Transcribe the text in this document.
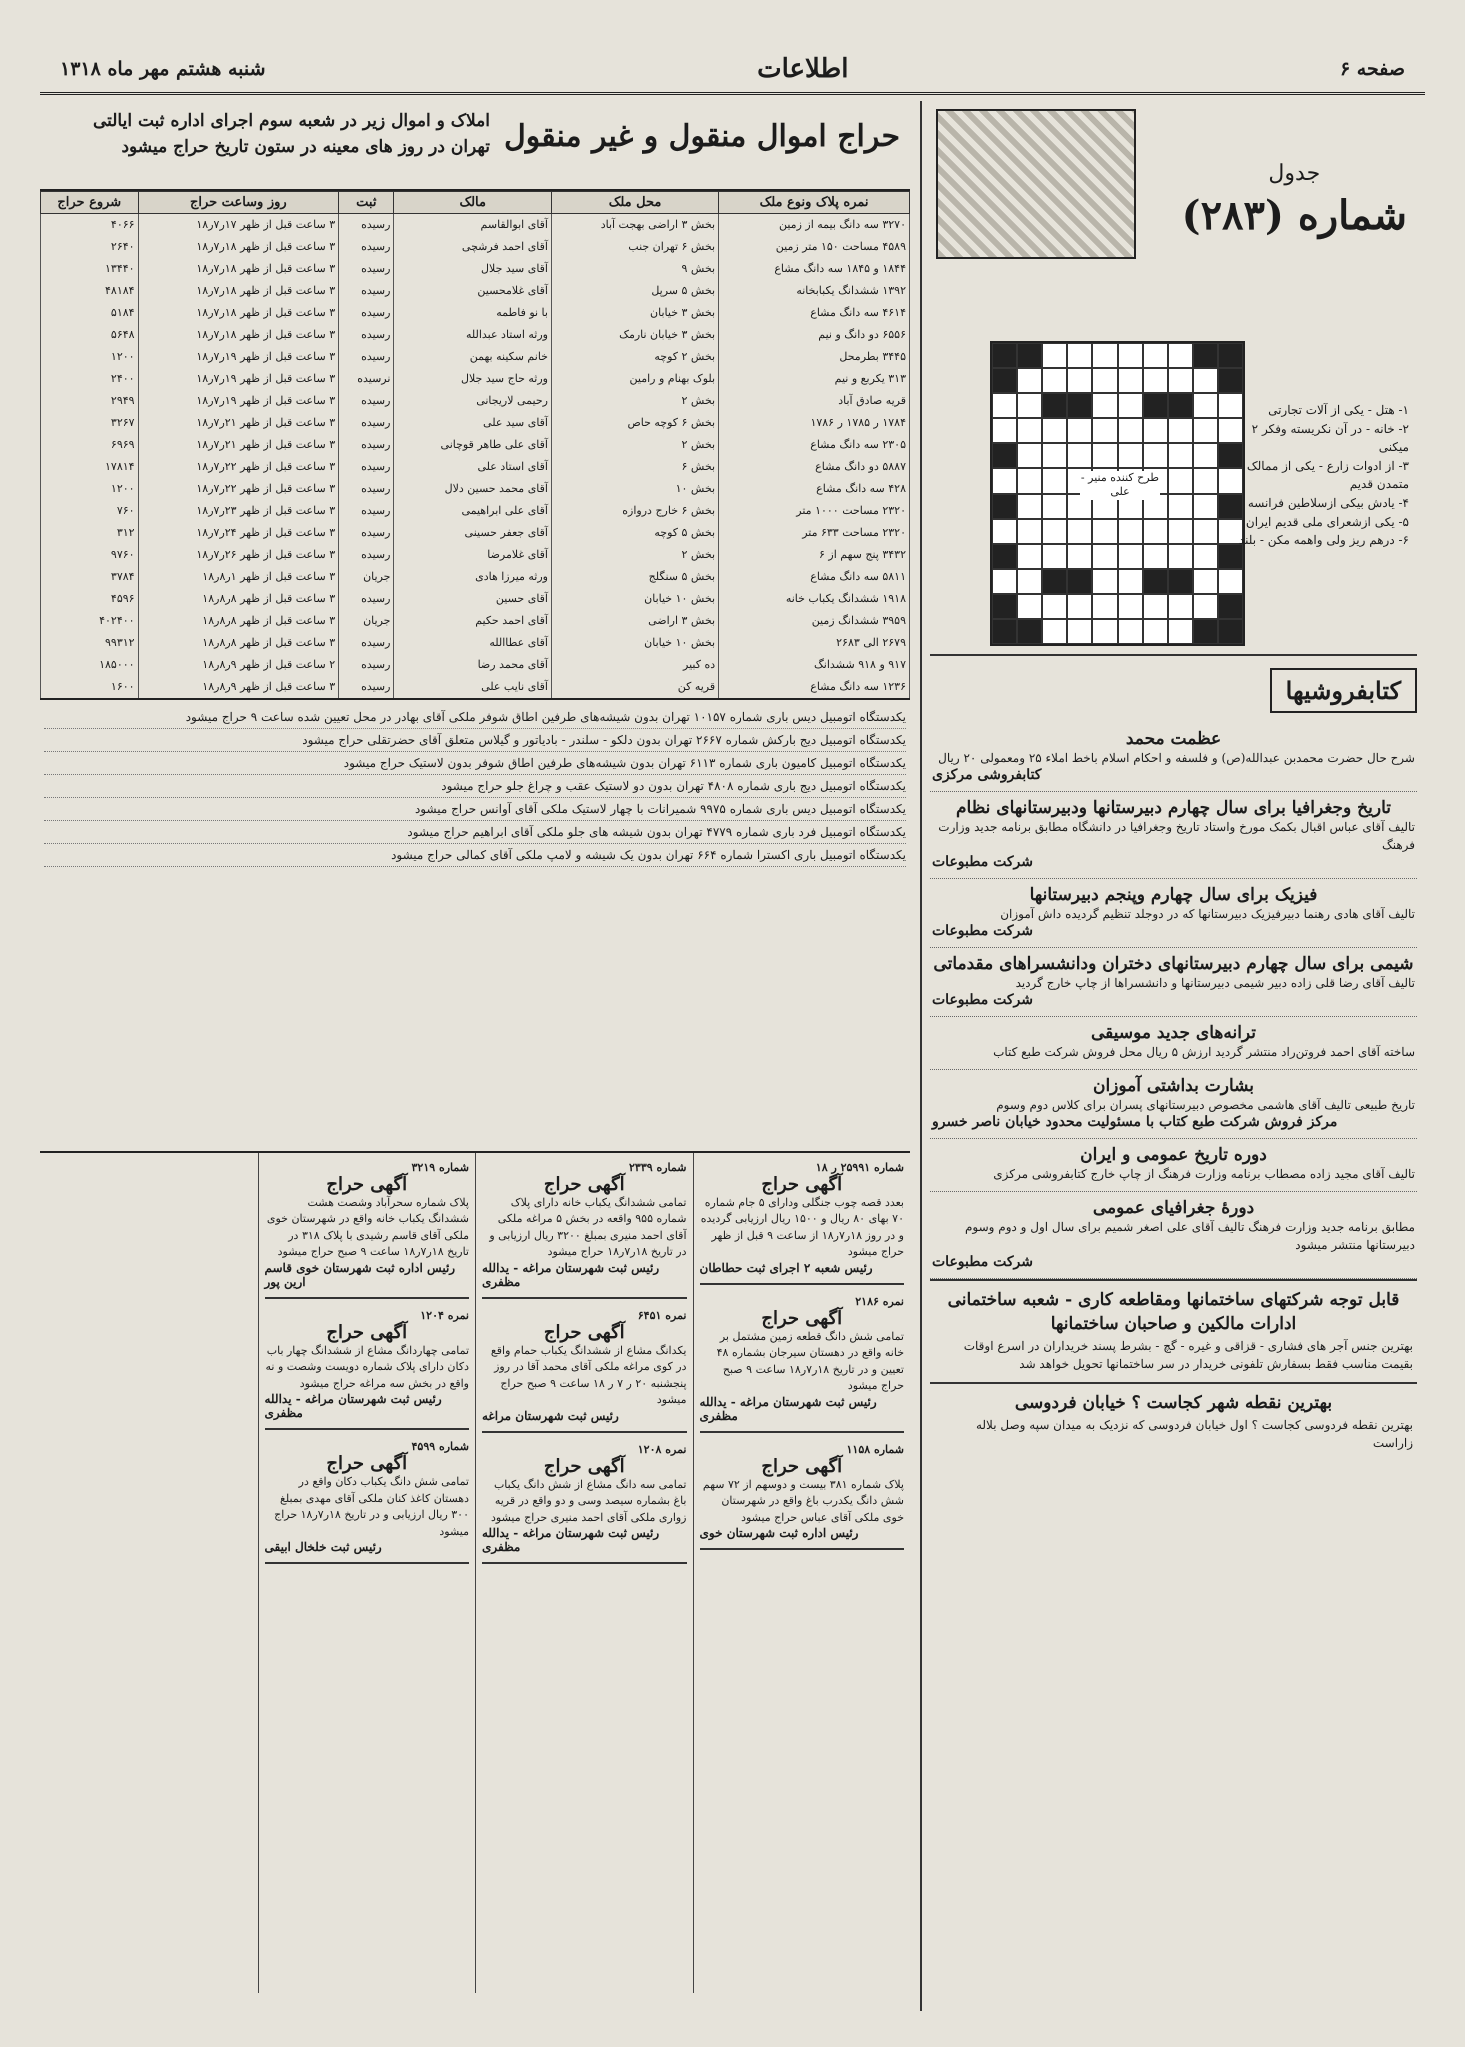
صفحه ۶
اطلاعات
شنبه هشتم مهر ماه ۱۳۱۸
جدول
شماره (۲۸۳)
طرح کننده منیر - علی
۱- هتل - یکی از آلات تجارتی
۲- خانه - در آن نکریسته وفکر ۲ میکنی
۳- از ادوات زارع - یکی از ممالک متمدن قدیم
۴- یادش بیکی ازسلاطین فرانسه
۵- یکی ازشعرای ملی قدیم ایران
۶- درهم ریز ولی واهمه مکن - بلند
کتابفروشیها
عظمت محمد

شرح حال حضرت محمدبن عبدالله(ص) و فلسفه و احکام اسلام باخط املاء ۲۵ ومعمولی ۲۰ ریال

کتابفروشی مرکزی
تاریخ وجغرافیا برای سال چهارم دبیرستانها ودبیرستانهای نظام

تالیف آقای عباس اقبال بکمک مورخ واستاد تاریخ وجغرافیا در دانشگاه مطابق برنامه جدید وزارت فرهنگ

شرکت مطبوعات
فیزیک برای سال چهارم وپنجم دبیرستانها

تالیف آقای هادی رهنما دبیرفیزیک دبیرستانها که در دوجلد تنظیم گردیده داش آموزان

شرکت مطبوعات
شیمی برای سال چهارم دبیرستانهای دختران ودانشسراهای مقدماتی

تالیف آقای رضا قلی زاده دبیر شیمی دبیرستانها و دانشسراها از چاپ خارج گردید

شرکت مطبوعات
ترانه‌های جدید موسیقی

ساخته آقای احمد فروتن‌راد منتشر گردید ارزش ۵ ریال محل فروش شرکت طبع کتاب

بشارت بداشتی آموزان

تاریخ طبیعی تالیف آقای هاشمی مخصوص دبیرستانهای پسران برای کلاس دوم وسوم

مرکز فروش شرکت طبع کتاب با مسئولیت محدود خیابان ناصر خسرو
دوره تاریخ عمومی و ایران

تالیف آقای مجید زاده مصطاب برنامه وزارت فرهنگ از چاپ خارج کتابفروشی مرکزی

دورهٔ جغرافیای عمومی

مطابق برنامه جدید وزارت فرهنگ تالیف آقای علی اصغر شمیم برای سال اول و دوم وسوم دبیرستانها منتشر میشود

شرکت مطبوعات
قابل توجه شرکتهای ساختمانها ومقاطعه کاری - شعبه ساختمانی ادارات مالکین و صاحبان ساختمانها

بهترین جنس آجر های فشاری - قزاقی و غیره - گچ - بشرط پسند خریداران در اسرع اوقات بقیمت مناسب فقط بسفارش تلفونی خریدار در سر ساختمانها تحویل خواهد شد

بهترین نقطه شهر کجاست ؟ خیابان فردوسی

بهترین نقطه فردوسی کجاست ؟ اول خیابان فردوسی که نزدیک به میدان سپه وصل بلاله زاراست

حراج اموال منقول و غیر منقول
املاک و اموال زیر در شعبه سوم اجرای اداره ثبت ایالتی تهران در روز های معینه در ستون تاریخ حراج میشود
نمره پلاک ونوع ملک	محل ملک	مالک	ثبت	روز وساعت حراج	شروع حراج
۳۲۷۰ سه دانگ بیمه از زمین	بخش ۳ اراضی بهجت آباد	آقای ابوالقاسم	رسیده	۳ ساعت قبل از ظهر ۱۷ر۷ر۱۸	۴۰۶۶
۴۵۸۹ مساحت ۱۵۰ متر زمین	بخش ۶ تهران جنب	آقای احمد فرشچی	رسیده	۳ ساعت قبل از ظهر ۱۸ر۷ر۱۸	۲۶۴۰
۱۸۴۴ و ۱۸۴۵ سه دانگ مشاع	بخش ۹	آقای سید جلال	رسیده	۳ ساعت قبل از ظهر ۱۸ر۷ر۱۸	۱۳۴۴۰
۱۳۹۲ ششدانگ یکبابخانه	بخش ۵ سرپل	آقای غلامحسین	رسیده	۳ ساعت قبل از ظهر ۱۸ر۷ر۱۸	۴۸۱۸۴
۴۶۱۴ سه دانگ مشاع	بخش ۳ خیابان	با نو فاطمه	رسیده	۳ ساعت قبل از ظهر ۱۸ر۷ر۱۸	۵۱۸۴
۶۵۵۶ دو دانگ و نیم	بخش ۳ خیابان نارمک	ورثه استاد عبدالله	رسیده	۳ ساعت قبل از ظهر ۱۸ر۷ر۱۸	۵۶۴۸
۳۴۴۵ بطرمحل	بخش ۲ کوچه	خانم سکینه بهمن	رسیده	۳ ساعت قبل از ظهر ۱۹ر۷ر۱۸	۱۲۰۰
۳۱۳ یکربع و نیم	بلوک بهنام و رامین	ورثه حاج سید جلال	نرسیده	۳ ساعت قبل از ظهر ۱۹ر۷ر۱۸	۲۴۰۰
قریه صادق آباد	بخش ۲	رحیمی لاریجانی	رسیده	۳ ساعت قبل از ظهر ۱۹ر۷ر۱۸	۲۹۴۹
۱۷۸۴ ر ۱۷۸۵ ر ۱۷۸۶	بخش ۶ کوچه حاص	آقای سید علی	رسیده	۳ ساعت قبل از ظهر ۲۱ر۷ر۱۸	۳۲۶۷
۲۳۰۵ سه دانگ مشاع	بخش ۲	آقای علی طاهر قوچانی	رسیده	۳ ساعت قبل از ظهر ۲۱ر۷ر۱۸	۶۹۶۹
۵۸۸۷ دو دانگ مشاع	بخش ۶	آقای استاد علی	رسیده	۳ ساعت قبل از ظهر ۲۲ر۷ر۱۸	۱۷۸۱۴
۴۲۸ سه دانگ مشاع	بخش ۱۰	آقای محمد حسین دلال	رسیده	۳ ساعت قبل از ظهر ۲۲ر۷ر۱۸	۱۲۰۰
۲۳۲۰ مساحت ۱۰۰۰ متر	بخش ۶ خارج دروازه	آقای علی ابراهیمی	رسیده	۳ ساعت قبل از ظهر ۲۳ر۷ر۱۸	۷۶۰
۲۳۲۰ مساحت ۶۳۳ متر	بخش ۵ کوچه	آقای جعفر حسینی	رسیده	۳ ساعت قبل از ظهر ۲۴ر۷ر۱۸	۳۱۲
۳۴۳۲ پنج سهم از ۶	بخش ۲	آقای غلامرضا	رسیده	۳ ساعت قبل از ظهر ۲۶ر۷ر۱۸	۹۷۶۰
۵۸۱۱ سه دانگ مشاع	بخش ۵ سنگلج	ورثه میرزا هادی	جریان	۳ ساعت قبل از ظهر ۱ر۸ر۱۸	۳۷۸۴
۱۹۱۸ ششدانگ یکباب خانه	بخش ۱۰ خیابان	آقای حسین	رسیده	۳ ساعت قبل از ظهر ۸ر۸ر۱۸	۴۵۹۶
۳۹۵۹ ششدانگ زمین	بخش ۳ اراضی	آقای احمد حکیم	جریان	۳ ساعت قبل از ظهر ۸ر۸ر۱۸	۴۰۲۴۰۰
۲۶۷۹ الی ۲۶۸۳	بخش ۱۰ خیابان	آقای عطاالله	رسیده	۳ ساعت قبل از ظهر ۸ر۸ر۱۸	۹۹۳۱۲
۹۱۷ و ۹۱۸ ششدانگ	ده کبیر	آقای محمد رضا	رسیده	۲ ساعت قبل از ظهر ۹ر۸ر۱۸	۱۸۵۰۰۰
۱۲۳۶ سه دانگ مشاع	قریه کن	آقای نایب علی	رسیده	۳ ساعت قبل از ظهر ۹ر۸ر۱۸	۱۶۰۰

یکدستگاه اتومبیل دیس باری شماره ۱۰۱۵۷ تهران بدون شیشه‌های طرفین اطاق شوفر ملکی آقای بهادر در محل تعیین شده ساعت ۹ حراج میشود

یکدستگاه اتومبیل دیج بارکش شماره ۲۶۶۷ تهران بدون دلکو - سلندر - بادیاتور و گیلاس متعلق آقای حضرتقلی حراج میشود

یکدستگاه اتومبیل کامیون باری شماره ۶۱۱۳ تهران بدون شیشه‌های طرفین اطاق شوفر بدون لاستیک حراج میشود

یکدستگاه اتومبیل دیج باری شماره ۴۸۰۸ تهران بدون دو لاستیک عقب و چراغ جلو حراج میشود

یکدستگاه اتومبیل دیس باری شماره ۹۹۷۵ شمیرانات با چهار لاستیک ملکی آقای آوانس حراج میشود

یکدستگاه اتومبیل فرد باری شماره ۴۷۷۹ تهران بدون شیشه های جلو ملکی آقای ابراهیم حراج میشود

یکدستگاه اتومبیل باری اکسترا شماره ۶۶۴ تهران بدون یک شیشه و لامپ ملکی آقای کمالی حراج میشود

شماره ۲۵۹۹۱ ر ۱۸
آگهی حراج

بعدد قصه چوب جنگلی ودارای ۵ جام شماره ۷۰ بهای ۸۰ ریال و ۱۵۰۰ ریال ارزیابی گردیده و در روز ۱۸ر۷ر۱۸ از ساعت ۹ قبل از ظهر حراج میشود

رئیس شعبه ۲ اجرای ثبت حطاطان
نمره ۲۱۸۶
آگهی حراج

تمامی شش دانگ قطعه زمین مشتمل بر خانه واقع در دهستان سیرجان بشماره ۴۸ تعیین و در تاریخ ۱۸ر۷ر۱۸ ساعت ۹ صبح حراج میشود

رئیس ثبت شهرستان مراغه - یدالله مظفری
شماره ۱۱۵۸
آگهی حراج

پلاک شماره ۳۸۱ بیست و دوسهم از ۷۲ سهم شش دانگ یکدرب باغ واقع در شهرستان خوی ملکی آقای عباس حراج میشود

رئیس اداره ثبت شهرستان خوی
شماره ۲۳۳۹
آگهی حراج

تمامی ششدانگ یکباب خانه دارای پلاک شماره ۹۵۵ واقعه در بخش ۵ مراغه ملکی آقای احمد منیری بمبلغ ۳۲۰۰ ریال ارزیابی و در تاریخ ۱۸ر۷ر۱۸ حراج میشود

رئیس ثبت شهرستان مراغه - یدالله مظفری
نمره ۶۴۵۱
آگهی حراج

یکدانگ مشاع از ششدانگ یکباب حمام واقع در کوی مراغه ملکی آقای محمد آقا در روز پنجشنبه ۲۰ ر ۷ ر ۱۸ ساعت ۹ صبح حراج میشود

رئیس ثبت شهرستان مراغه
نمره ۱۲۰۸
آگهی حراج

تمامی سه دانگ مشاع از شش دانگ یکباب باغ بشماره سیصد وسی و دو واقع در قریه زواری ملکی آقای احمد منیری حراج میشود

رئیس ثبت شهرستان مراغه - یدالله مظفری
شماره ۳۲۱۹
آگهی حراج

پلاک شماره سحرآباد وشصت هشت ششدانگ یکباب خانه واقع در شهرستان خوی ملکی آقای قاسم رشیدی با پلاک ۳۱۸ در تاریخ ۱۸ر۷ر۱۸ ساعت ۹ صبح حراج میشود

رئیس اداره ثبت شهرستان خوی قاسم ارین پور
نمره ۱۲۰۴
آگهی حراج

تمامی چهاردانگ مشاع از ششدانگ چهار باب دکان دارای پلاک شماره دویست وشصت و نه واقع در بخش سه مراغه حراج میشود

رئیس ثبت شهرستان مراغه - یدالله مظفری
شماره ۴۵۹۹
آگهی حراج

تمامی شش دانگ یکباب دکان واقع در دهستان کاغذ کنان ملکی آقای مهدی بمبلغ ۳۰۰ ریال ارزیابی و در تاریخ ۱۸ر۷ر۱۸ حراج میشود

رئیس ثبت خلخال ابیقی
